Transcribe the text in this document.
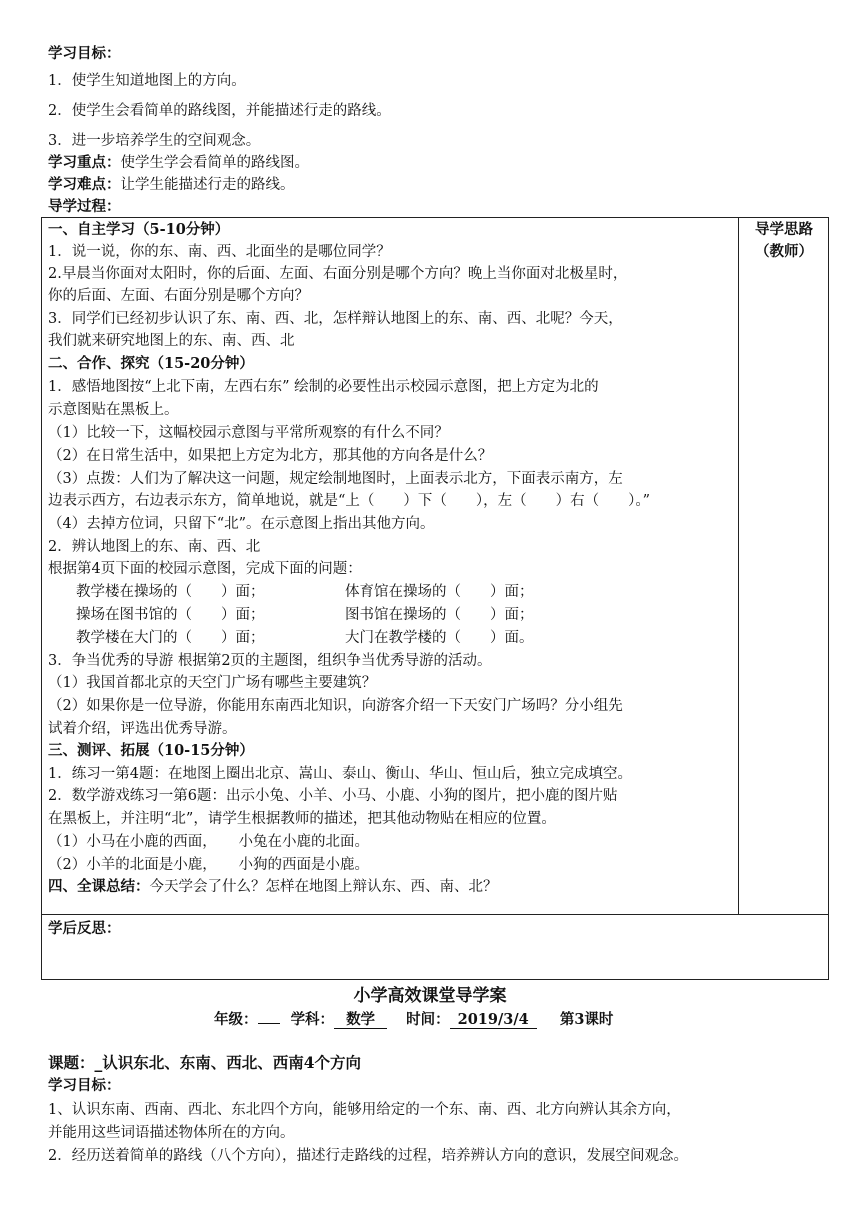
学习目标：
1．使学生知道地图上的方向。
2．使学生会看简单的路线图，并能描述行走的路线。
3．进一步培养学生的空间观念。
学习重点：使学生学会看简单的路线图。
学习难点：让学生能描述行走的路线。
导学过程：
导学思路
（教师）
一、自主学习（5-10分钟）
1．说一说，你的东、南、西、北面坐的是哪位同学？
2.早晨当你面对太阳时，你的后面、左面、右面分别是哪个方向？晚上当你面对北极星时，
你的后面、左面、右面分别是哪个方向？
3．同学们已经初步认识了东、南、西、北，怎样辩认地图上的东、南、西、北呢？今天，
我们就来研究地图上的东、南、西、北
二、合作、探究（15-20分钟）
1．感悟地图按“上北下南，左西右东” 绘制的必要性出示校园示意图，把上方定为北的
示意图贴在黑板上。
（1）比较一下，这幅校园示意图与平常所观察的有什么不同？
（2）在日常生活中，如果把上方定为北方，那其他的方向各是什么？
（3）点拨：人们为了解决这一问题，规定绘制地图时，上面表示北方，下面表示南方，左
边表示西方，右边表示东方，简单地说，就是“上（　　）下（　　），左（　　）右（　　）。”
（4）去掉方位词，只留下“北”。在示意图上指出其他方向。
2．辨认地图上的东、南、西、北
根据第4页下面的校园示意图，完成下面的问题：
教学楼在操场的（　　）面；
操场在图书馆的（　　）面；
教学楼在大门的（　　）面；
体育馆在操场的（　　）面；
图书馆在操场的（　　）面；
大门在教学楼的（　　）面。
3．争当优秀的导游 根据第2页的主题图，组织争当优秀导游的活动。
（1）我国首都北京的天空门广场有哪些主要建筑？
（2）如果你是一位导游，你能用东南西北知识，向游客介绍一下天安门广场吗？分小组先
试着介绍，评选出优秀导游。
三、测评、拓展（10-15分钟）
1．练习一第4题：在地图上圈出北京、嵩山、泰山、衡山、华山、恒山后，独立完成填空。
2．数学游戏练习一第6题：出示小兔、小羊、小马、小鹿、小狗的图片，把小鹿的图片贴
在黑板上，并注明“北”，请学生根据教师的描述，把其他动物贴在相应的位置。
（1）小马在小鹿的西面，　　小兔在小鹿的北面。
（2）小羊的北面是小鹿，　　小狗的西面是小鹿。
四、全课总结：今天学会了什么？怎样在地图上辩认东、西、南、北？
学后反思：
小学高效课堂导学案
年级： 学科： 数学 时间： 2019/3/4 第3课时
课题：_认识东北、东南、西北、西南4个方向
学习目标：
1、认识东南、西南、西北、东北四个方向，能够用给定的一个东、南、西、北方向辨认其余方向，
并能用这些词语描述物体所在的方向。
2．经历送着简单的路线（八个方向），描述行走路线的过程，培养辨认方向的意识，发展空间观念。
